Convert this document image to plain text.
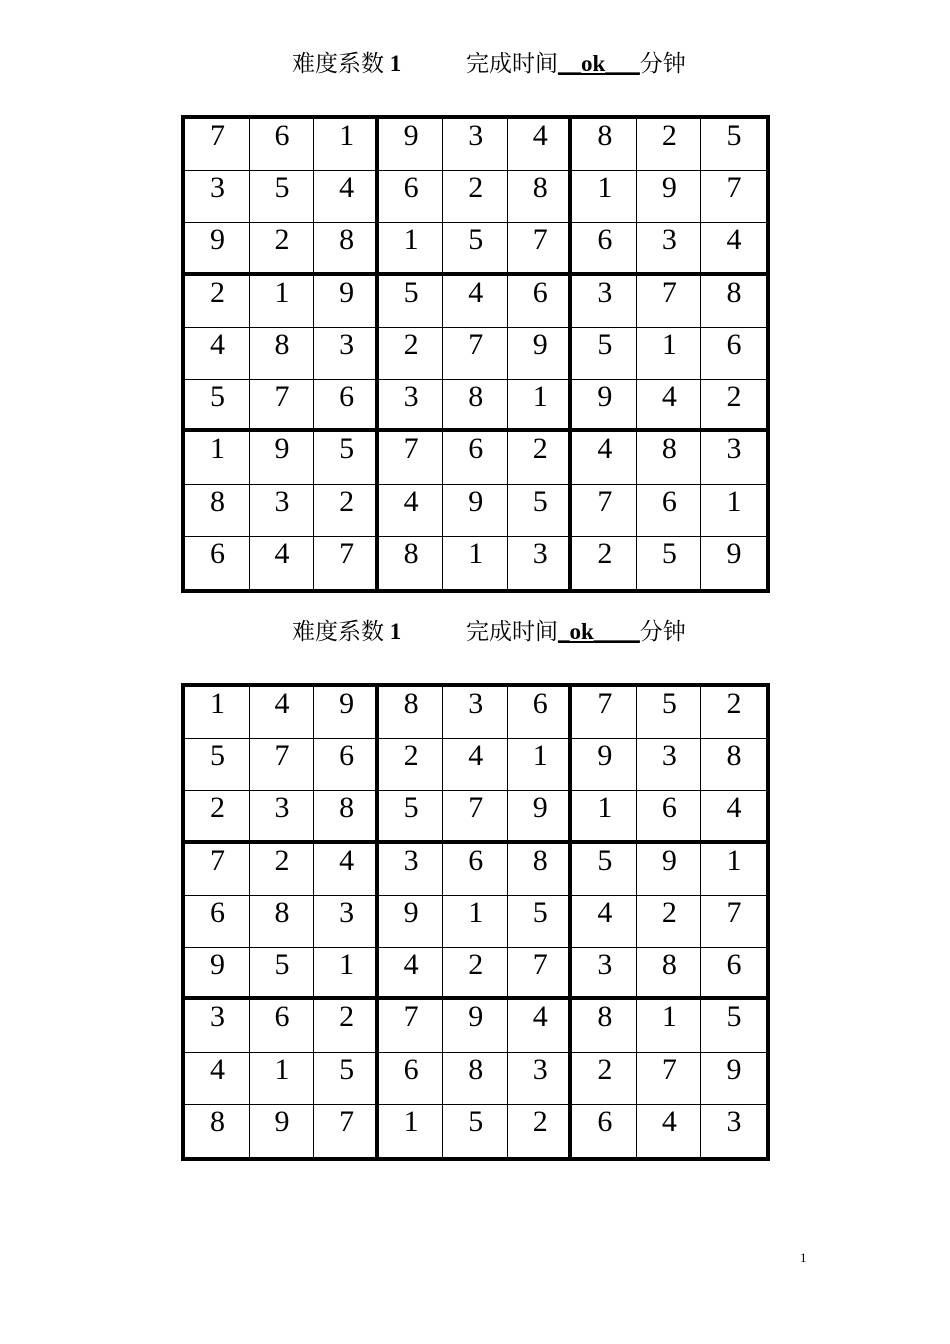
难度系数 1	完成时间__ok___分钟
7	6	1	9	3	4	8	2	5
3	5	4	6	2	8	1	9	7
9	2	8	1	5	7	6	3	4
2	1	9	5	4	6	3	7	8
4	8	3	2	7	9	5	1	6
5	7	6	3	8	1	9	4	2
1	9	5	7	6	2	4	8	3
8	3	2	4	9	5	7	6	1
6	4	7	8	1	3	2	5	9
难度系数 1	完成时间_ok____分钟
1	4	9	8	3	6	7	5	2
5	7	6	2	4	1	9	3	8
2	3	8	5	7	9	1	6	4
7	2	4	3	6	8	5	9	1
6	8	3	9	1	5	4	2	7
9	5	1	4	2	7	3	8	6
3	6	2	7	9	4	8	1	5
4	1	5	6	8	3	2	7	9
8	9	7	1	5	2	6	4	3
1
